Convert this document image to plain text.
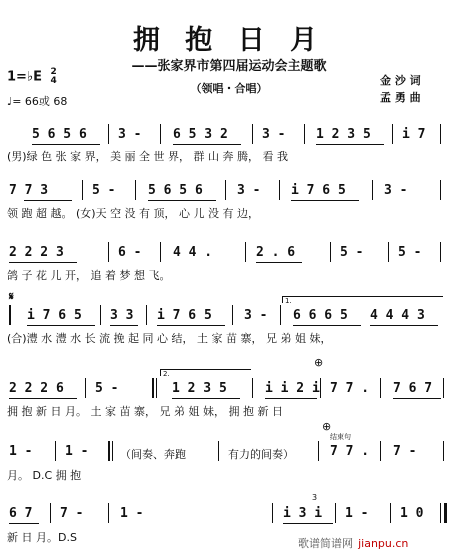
拥 抱 日 月
——张家界市第四届运动会主题歌
（领唱・合唱）
金 沙 词
孟 勇 曲
1=♭E 2
4
♩= 66或 68
5 6 5 6 3 - 6 5 3 2	3 - 1 2 3 5 i 7
(男)绿 色 张 家 界， 美 丽 全 世 界， 群 山 奔 腾， 看 我
7 7 3	5 -	5 6 5 6	3 - i 7 6 5	3 -
领 跑 超 越。 (女)天 空 没 有 顶， 心 儿 没 有 边，
2 2 2 3	6 - 4 4 .	2 . 6	5 -	5 -
鸽 子 花 儿 开， 追 着 梦 想 飞。
𝄋
i 7 6 5 3 3 i 7 6 5 3 - 6 6 6 5 4 4 4 3
1.
(合)澧 水 澧 水 长 流 挽 起 同 心 结， 土 家 苗 寨， 兄 弟 姐 妹，
2 2 2 6 5 -	1 2 3 5	i i 2 i 7 7 . 7 6 7
2.
⊕
拥 抱 新 日 月。 土 家 苗 寨， 兄 弟 姐 妹， 拥 抱 新 日
1 -	1 -	（间奏、奔跑	有力的间奏）	7 7 . 7 -
⊕
结束句
月。 D.C 拥 抱
6 7 7 -	1 -	i 3 i 1 - 1 0
3
新 日 月。D.S	歌谱简谱网 jianpu.cn
